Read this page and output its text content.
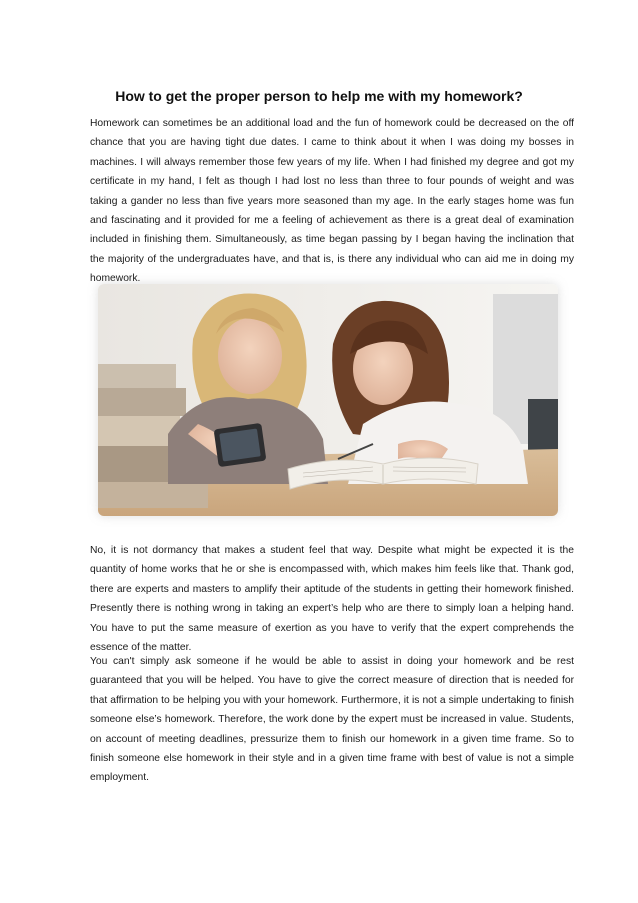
How to get the proper person to help me with my homework?

Homework can sometimes be an additional load and the fun of homework could be decreased on the off chance that you are having tight due dates. I came to think about it when I was doing my bosses in machines. I will always remember those few years of my life. When I had finished my degree and got my certificate in my hand, I felt as though I had lost no less than three to four pounds of weight and was taking a gander no less than five years more seasoned than my age. In the early stages home was fun and fascinating and it provided for me a feeling of achievement as there is a great deal of examination included in finishing them. Simultaneously, as time began passing by I began having the inclination that the majority of the undergraduates have, and that is, is there any individual who can aid me in doing my homework.

No, it is not dormancy that makes a student feel that way. Despite what might be expected it is the quantity of home works that he or she is encompassed with, which makes him feels like that. Thank god, there are experts and masters to amplify their aptitude of the students in getting their homework finished. Presently there is nothing wrong in taking an expert’s help who are there to simply loan a helping hand. You have to put the same measure of exertion as you have to verify that the expert comprehends the essence of the matter.

You can't simply ask someone if he would be able to assist in doing your homework and be rest guaranteed that you will be helped. You have to give the correct measure of direction that is needed for that affirmation to be helping you with your homework. Furthermore, it is not a simple undertaking to finish someone else’s homework. Therefore, the work done by the expert must be increased in value. Students, on account of meeting deadlines, pressurize them to finish our homework in a given time frame. So to finish someone else homework in their style and in a given time frame with best of value is not a simple employment.
